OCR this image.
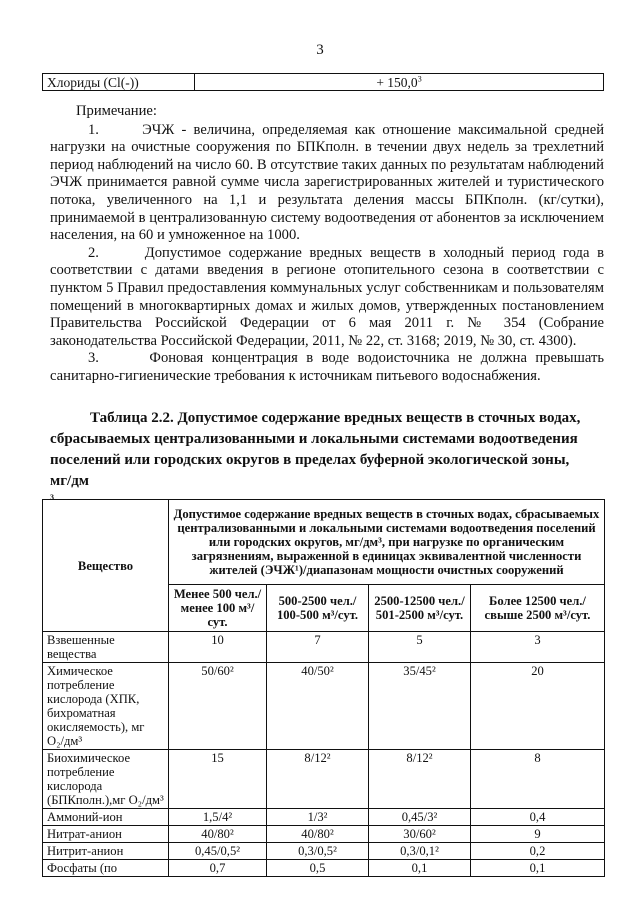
3
Хлориды (Cl(-))	+ $150,0^3$

Примечание:

1.      ЭЧЖ - величина, определяемая как отношение максимальной средней нагрузки на очистные сооружения по БПКполн. в течении двух недель за трехлетний период наблюдений на число 60. В отсутствие таких данных по результатам наблюдений ЭЧЖ принимается равной сумме числа зарегистрированных жителей и туристического потока, увеличенного на 1,1 и результата деления массы БПКполн. (кг/сутки), принимаемой в централизованную систему водоотведения от абонентов за исключением населения, на 60 и умноженное на 1000.

2.      Допустимое содержание вредных веществ в холодный период года в соответствии с датами введения в регионе отопительного сезона в соответствии с пунктом 5 Правил предоставления коммунальных услуг собственникам и пользователям помещений в многоквартирных домах и жилых домов, утвержденных постановлением Правительства Российской Федерации от 6 мая 2011 г. № 354 (Собрание законодательства Российской Федерации, 2011, № 22, ст. 3168; 2019, № 30, ст. 4300).

3.      Фоновая концентрация в воде водоисточника не должна превышать санитарно-гигиенические требования к источникам питьевого водоснабжения.

Таблица 2.2. Допустимое содержание вредных веществ в сточных водах,
сбрасываемых централизованными и локальными системами водоотведения
поселений или городских округов в пределах буферной экологической зоны,
мг/дм
$^3$
Вещество	Допустимое содержание вредных веществ в сточных водах, сбрасываемых централизованными и локальными системами водоотведения поселений или городских округов, мг/дм³, при нагрузке по органическим загрязнениям, выраженной в единицах эквивалентной численности жителей (ЭЧЖ¹)/диапазонам мощности очистных сооружений			
	Менее 500 чел./менее 100 м³/сут.	500-2500 чел./ 100-500 м³/сут.	2500-12500 чел./ 501-2500 м³/сут.	Более 12500 чел./свыше 2500 м³/сут.
Взвешенные вещества	10	7	5	3
Химическое потребление кислорода (ХПК, бихроматная окисляемость), мг O₂/дм³	50/60²	40/50²	35/45²	20
Биохимическое потребление кислорода (БПКполн.),мг O₂/дм³	15	8/12²	8/12²	8
Аммоний-ион	1,5/4²	1/3²	0,45/3²	0,4
Нитрат-анион	40/80²	40/80²	30/60²	9
Нитрит-анион	0,45/0,5²	0,3/0,5²	0,3/0,1²	0,2
Фосфаты (по	0,7	0,5	0,1	0,1
